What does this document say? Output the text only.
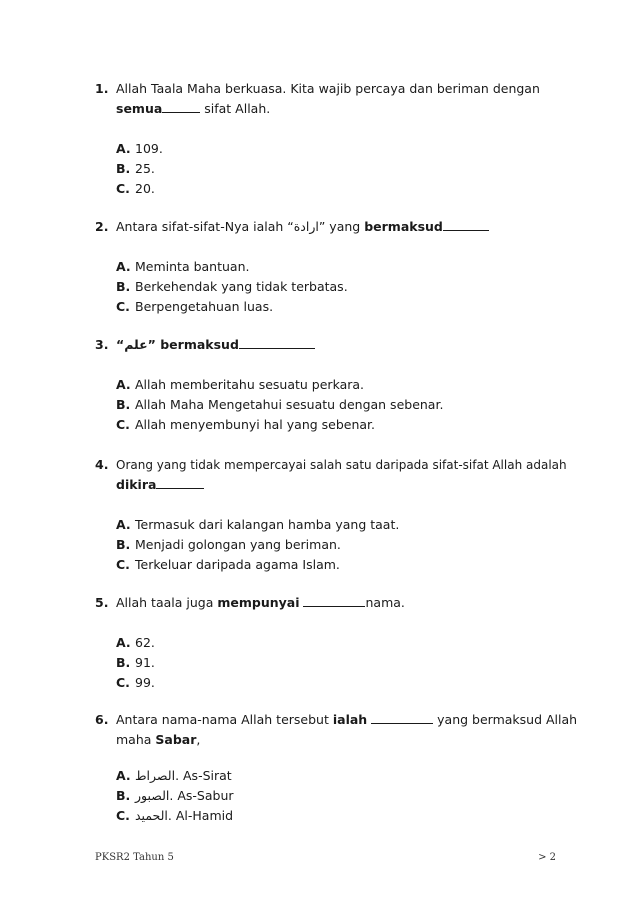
1. Allah Taala Maha berkuasa. Kita wajib percaya dan beriman dengan
semua	sifat Allah.
A. 109.
B. 25.
C. 20.
2. Antara sifat-sifat-Nya ialah “ارادة” yang bermaksud
A. Meminta bantuan.
B. Berkehendak yang tidak terbatas.
C. Berpengetahuan luas.
3. “علم” bermaksud
A. Allah memberitahu sesuatu perkara.
B. Allah Maha Mengetahui sesuatu dengan sebenar.
C. Allah menyembunyi hal yang sebenar.
4. Orang yang tidak mempercayai salah satu daripada sifat-sifat Allah adalah
dikira
A. Termasuk dari kalangan hamba yang taat.
B. Menjadi golongan yang beriman.
C. Terkeluar daripada agama Islam.
5. Allah taala juga mempunyai	nama.
A. 62.
B. 91.
C. 99.
6. Antara nama-nama Allah tersebut ialah	yang bermaksud Allah
maha Sabar,
A. الصراط. As-Sirat
B. الصبور. As-Sabur
C. الحميد. Al-Hamid
PKSR2 Tahun 5	> 2
